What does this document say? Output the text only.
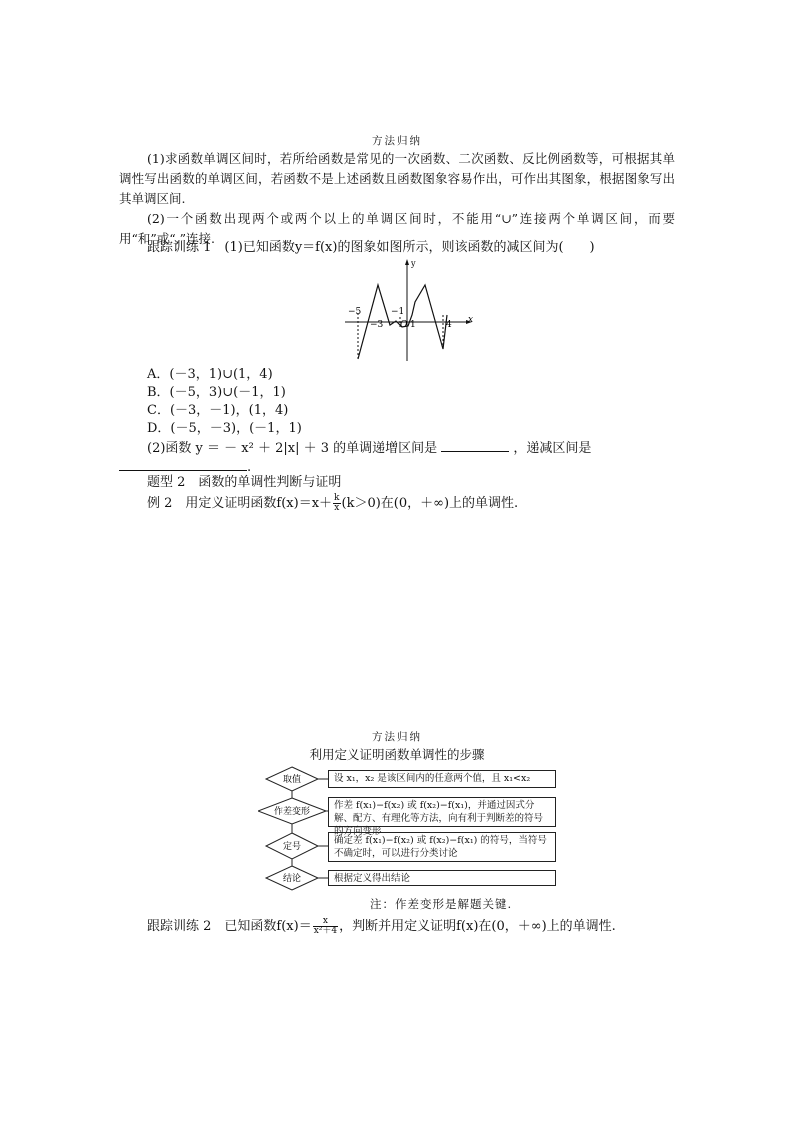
方法归纳
(1)求函数单调区间时，若所给函数是常见的一次函数、二次函数、反比例函数等，可根据其单调性写出函数的单调区间，若函数不是上述函数且函数图象容易作出，可作出其图象，根据图象写出其单调区间.
(2)一个函数出现两个或两个以上的单调区间时，不能用“∪”连接两个单调区间，而要用“和”或“,”连接.
跟踪训练 1　(1)已知函数y＝f(x)的图象如图所示，则该函数的减区间为(　　)
y
x
−5
−3
−1
O 1	4
A．(－3，1)∪(1，4)
B．(－5，3)∪(－1，1)
C．(－3，－1)，(1，4)
D．(－5，－3)，(－1，1)
(2)函数 y ＝ － x² ＋ 2|x| ＋ 3 的单调递增区间是	，递减区间是
.
题型 2　函数的单调性判断与证明
例 2　用定义证明函数$f(x)=x+ \frac{k}{x} (k>0)$在(0，＋∞)上的单调性.
方法归纳
利用定义证明函数单调性的步骤
取值
作差变形
定号
结论
设 x₁，x₂ 是该区间内的任意两个值，且 x₁<x₂
作差 f(x₁)−f(x₂) 或 f(x₂)−f(x₁)，并通过因式分解、配方、有理化等方法，向有利于判断差的符号的方向变形
确定差 f(x₁)−f(x₂) 或 f(x₂)−f(x₁) 的符号，当符号不确定时，可以进行分类讨论
根据定义得出结论
注：作差变形是解题关键.
跟踪训练 2　已知函数$f(x)= \frac{x}{\text{x²＋4}}$ ，判断并用定义证明f(x)在(0，＋∞)上的单调性.
